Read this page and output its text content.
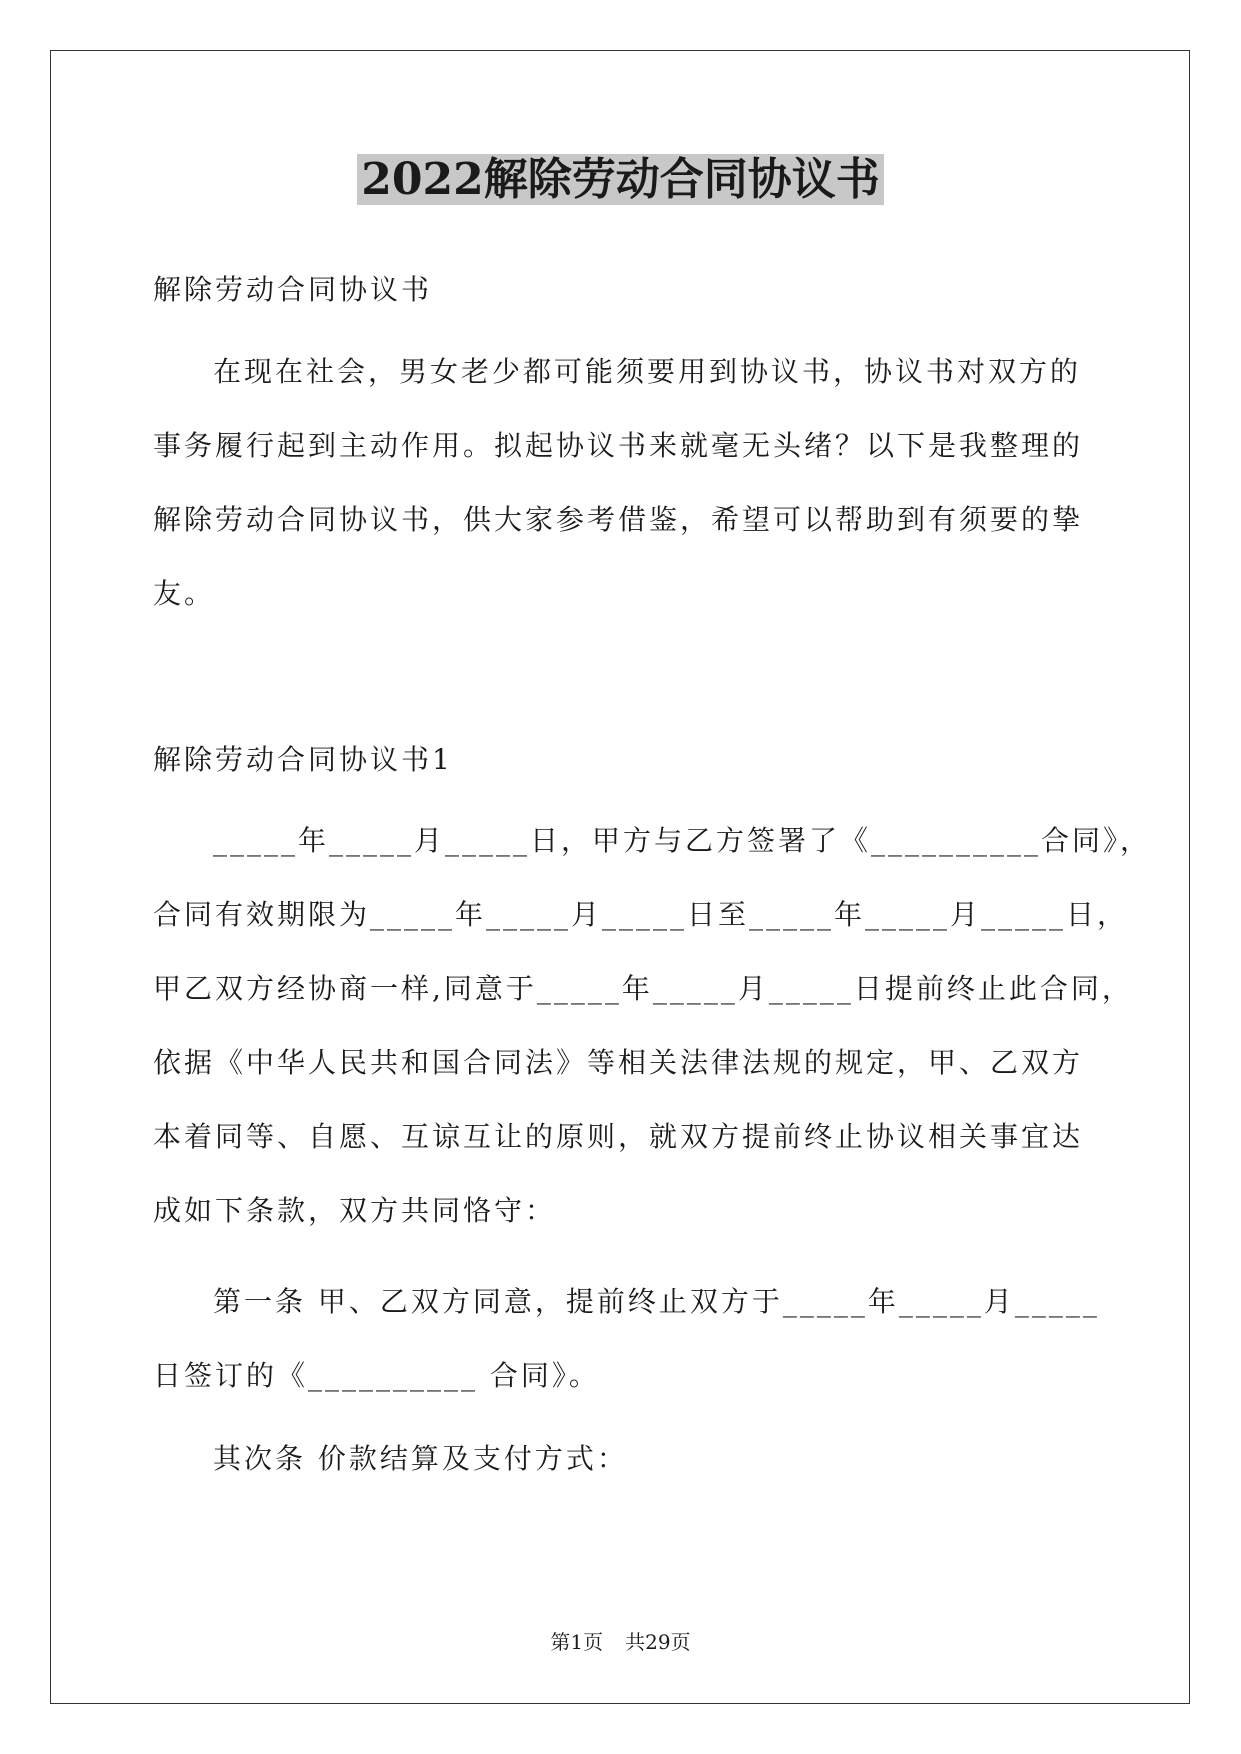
2022解除劳动合同协议书
解除劳动合同协议书
在现在社会，男女老少都可能须要用到协议书，协议书对双方的
事务履行起到主动作用。拟起协议书来就毫无头绪？以下是我整理的
解除劳动合同协议书，供大家参考借鉴，希望可以帮助到有须要的挚
友。
解除劳动合同协议书1
_____年_____月_____日，甲方与乙方签署了《__________合同》，
合同有效期限为_____年_____月_____日至_____年_____月_____日，
甲乙双方经协商一样,同意于_____年_____月_____日提前终止此合同，
依据《中华人民共和国合同法》等相关法律法规的规定，甲、乙双方
本着同等、自愿、互谅互让的原则，就双方提前终止协议相关事宜达
成如下条款，双方共同恪守：
第一条 甲、乙双方同意，提前终止双方于_____年_____月_____
日签订的《__________ 合同》。
其次条 价款结算及支付方式：
第1页 共29页
